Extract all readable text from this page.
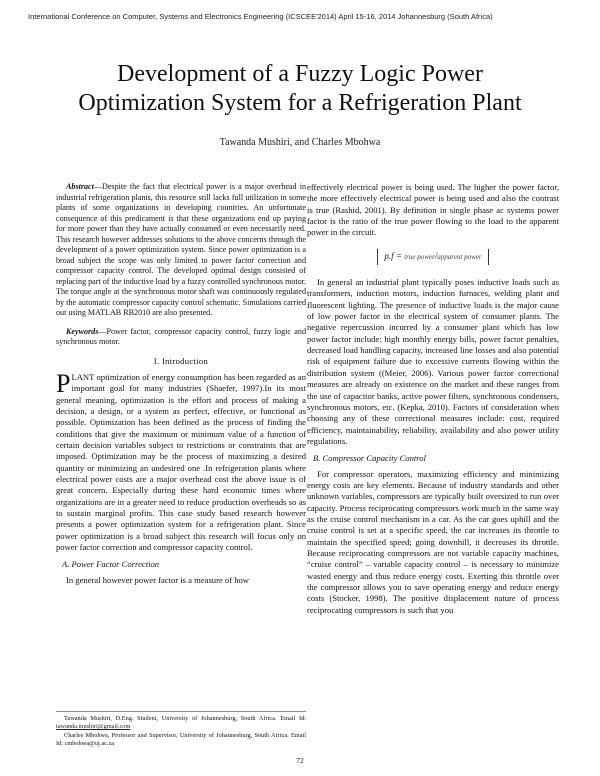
International Conference on Computer, Systems and Electronics Engineering (ICSCEE'2014) April 15-16, 2014 Johannesburg (South Africa)
Development of a Fuzzy Logic Power
Optimization System for a Refrigeration Plant
Tawanda Mushiri, and Charles Mbohwa

Abstract—Despite the fact that electrical power is a major overhead in industrial refrigeration plants, this resource still lacks full utilization in some plants of some organizations in developing countries. An unfortunate consequence of this predicament is that these organizations end up paying for more power than they have actually consumed or even necessarily need. This research however addresses solutions to the above concerns through the development of a power optimization system. Since power optimization is a broad subject the scope was only limited to power factor correction and compressor capacity control. The developed optimal design consisted of replacing part of the inductive load by a fuzzy controlled synchronous motor. The torque angle at the synchronous motor shaft was continuously regulated by the automatic compressor capacity control schematic. Simulations carried out using MATLAB RB2010 are also presented.

Keywords—Power factor, compressor capacity control, fuzzy logic and synchronous motor.

I. Introduction

PLANT optimization of energy consumption has been regarded as an important goal for many industries (Shaefer, 1997).In its most general meaning, optimization is the effort and process of making a decision, a design, or a system as perfect, effective, or functional as possible. Optimization has been defined as the process of finding the conditions that give the maximum or minimum value of a function of certain decision variables subject to restrictions or constraints that are imposed. Optimization may be the process of maximizing a desired quantity or minimizing an undesired one .In refrigeration plants where electrical power costs are a major overhead cost the above issue is of great concern. Especially during these hard economic times where organizations are in a greater need to reduce production overheads so as to sustain marginal profits. This case study based research however presents a power optimization system for a refrigeration plant. Since power optimization is a broad subject this research will focus only on power factor correction and compressor capacity control.

A. Power Factor Correction

In general however power factor is a measure of how

effectively electrical power is being used. The higher the power factor, the more effectively electrical power is being used and also the contrast is true (Rashid, 2001). By definition in single phase ac systems power factor is the ratio of the true power flowing to the load to the apparent power in the circuit.

p.f = true power/apparent power

In general an industrial plant typically poses inductive loads such as transformers, induction motors, induction furnaces, welding plant and fluorescent lighting. The presence of inductive loads is the major cause of low power factor in the electrical system of consumer plants. The negative repercussion incurred by a consumer plant which has low power factor include: high monthly energy bills, power factor penalties, decreased load handling capacity, increased line losses and also potential risk of equipment failure due to excessive currents flowing within the distribution system ((Meier, 2006). Various power factor correctional measures are already on existence on the market and these ranges from the use of capacitor banks, active power filters, synchronous condensers, synchronous motors, etc. (Kepka, 2010). Factors of consideration when choosing any of these correctional measures include: cost, required efficiency, maintainability, reliability, availability and also power utility regulations.

B. Compressor Capacity Control

For compressor operators, maximizing efficiency and minimizing energy costs are key elements. Because of industry standards and other unknown variables, compressors are typically built oversized to run over capacity. Process reciprocating compressors work much in the same way as the cruise control mechanism in a car. As the car goes uphill and the cruise control is set at a specific speed, the car increases its throttle to maintain the specified speed; going downhill, it decreases its throttle. Because reciprocating compressors are not variable capacity machines, “cruise control” – variable capacity control – is necessary to minimize wasted energy and thus reduce energy costs. Exerting this throttle over the compressor allows you to save operating energy and reduce energy costs (Stocker, 1998). The positive displacement nature of process reciprocating compressors is such that you

Tawanda Mushiri, D.Eng. Student, University of Johannesburg, South Africa. Email Id: tawanda.mushiri@gmail.com

Charles Mbohwa, Professor and Supervisor, University of Johannesburg, South Africa. Email Id: cmbohwa@uj.ac.za

72
